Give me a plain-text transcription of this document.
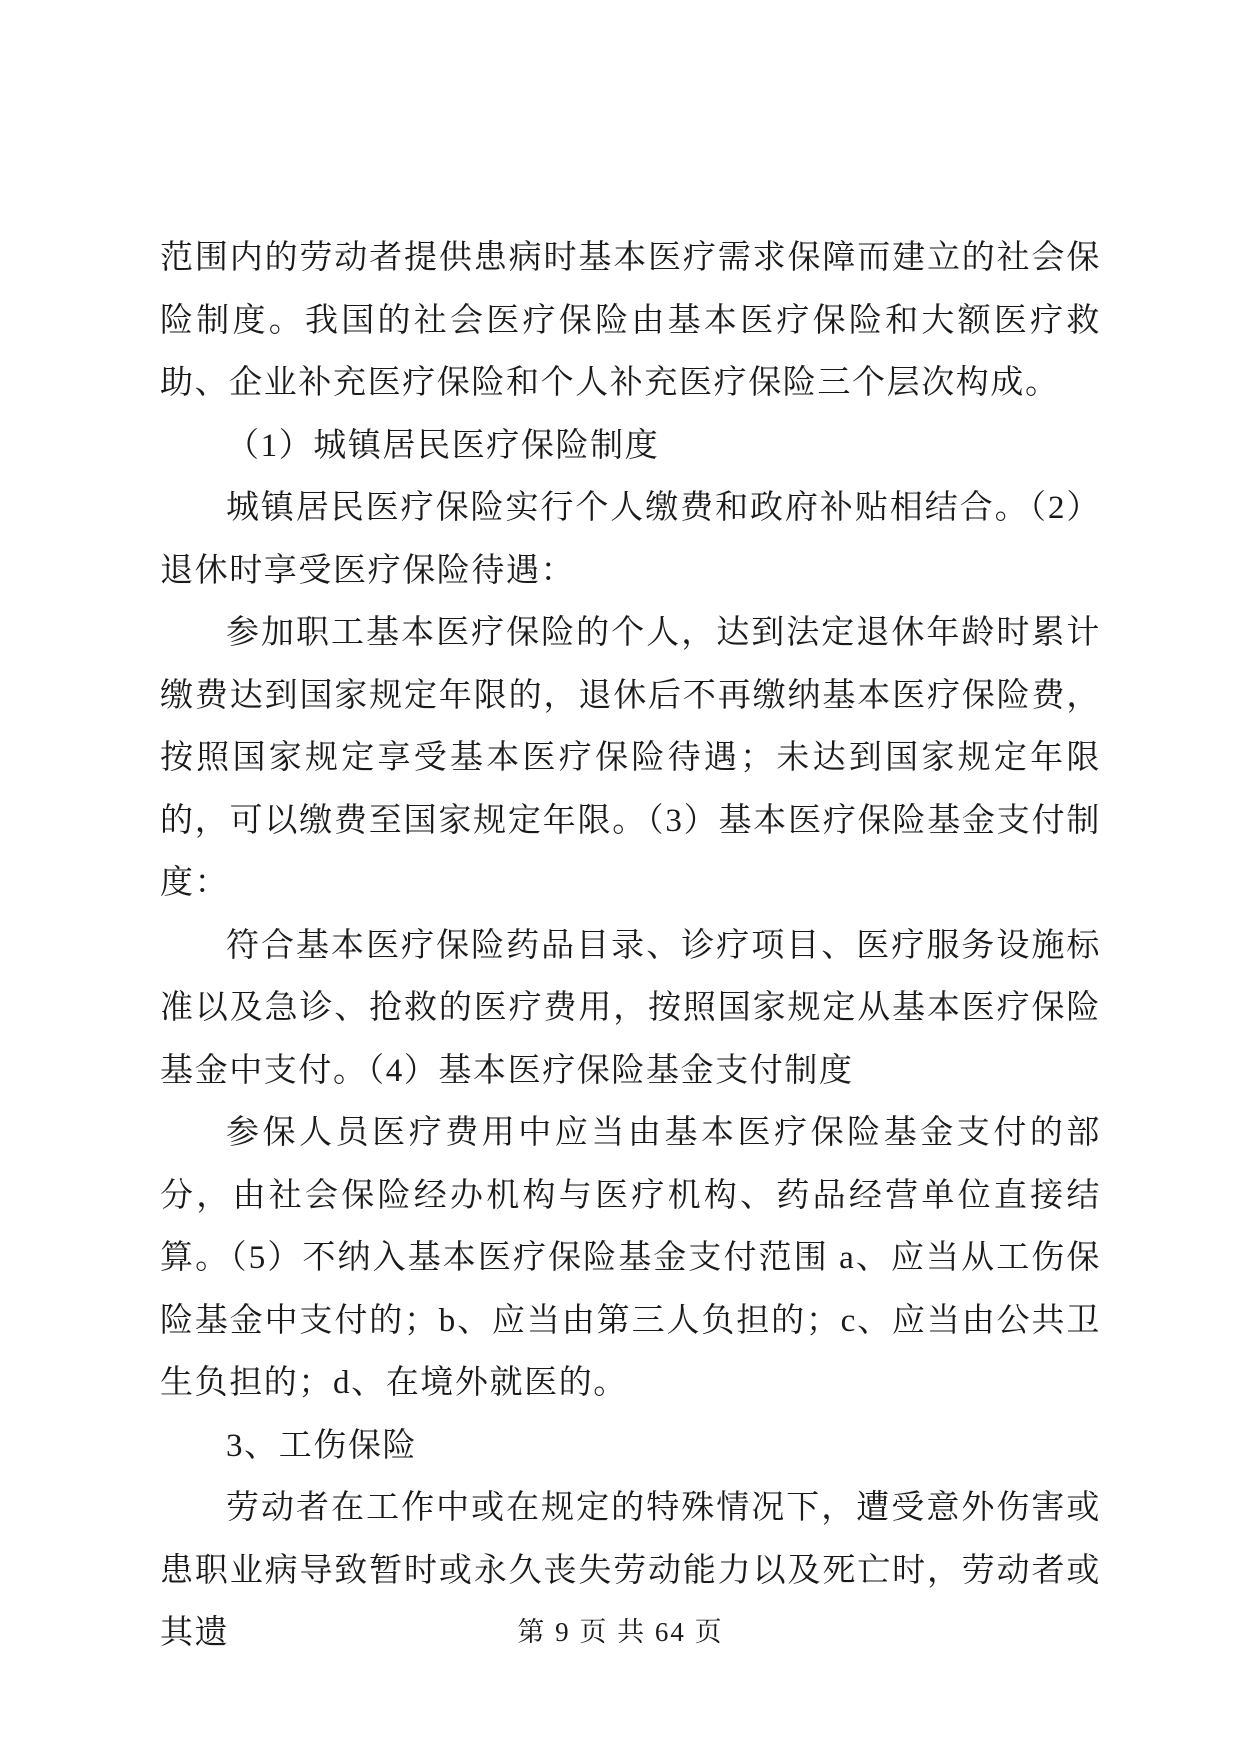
范围内的劳动者提供患病时基本医疗需求保障而建立的社会保险制度。我国的社会医疗保险由基本医疗保险和大额医疗救助、企业补充医疗保险和个人补充医疗保险三个层次构成。

（1）城镇居民医疗保险制度

城镇居民医疗保险实行个人缴费和政府补贴相结合。（2）退休时享受医疗保险待遇：

参加职工基本医疗保险的个人，达到法定退休年龄时累计缴费达到国家规定年限的，退休后不再缴纳基本医疗保险费，按照国家规定享受基本医疗保险待遇；未达到国家规定年限的，可以缴费至国家规定年限。（3）基本医疗保险基金支付制度：

符合基本医疗保险药品目录、诊疗项目、医疗服务设施标准以及急诊、抢救的医疗费用，按照国家规定从基本医疗保险基金中支付。（4）基本医疗保险基金支付制度

参保人员医疗费用中应当由基本医疗保险基金支付的部分，由社会保险经办机构与医疗机构、药品经营单位直接结算。（5）不纳入基本医疗保险基金支付范围 a、应当从工伤保险基金中支付的；b、应当由第三人负担的；c、应当由公共卫生负担的；d、在境外就医的。

3、工伤保险

劳动者在工作中或在规定的特殊情况下，遭受意外伤害或患职业病导致暂时或永久丧失劳动能力以及死亡时，劳动者或其遗	第 9 页 共 64 页
